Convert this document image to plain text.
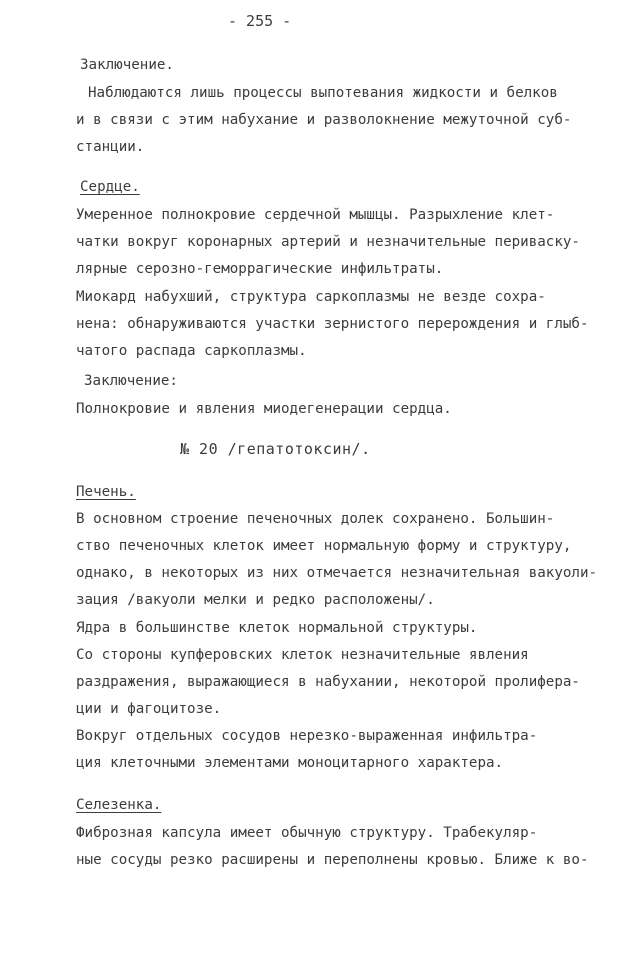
- 255 -
Заключение.
Наблюдаются лишь процессы выпотевания жидкости и белков
и в связи с этим набухание и разволокнение межуточной суб-
станции.
Сердце.
Умеренное полнокровие сердечной мышцы. Разрыхление клет-
чатки вокруг коронарных артерий и незначительные периваску-
лярные серозно-геморрагические инфильтраты.
Миокард набухший, структура саркоплазмы не везде сохра-
нена: обнаруживаются участки зернистого перерождения и глыб-
чатого распада саркоплазмы.
Заключение:
Полнокровие и явления миодегенерации сердца.
№ 20 /гепатотоксин/.
Печень.
В основном строение печеночных долек сохранено. Большин-
ство печеночных клеток имеет нормальную форму и структуру,
однако, в некоторых из них отмечается незначительная вакуоли-
зация /вакуоли мелки и редко расположены/.
Ядра в большинстве клеток нормальной структуры.
Со стороны купферовских клеток незначительные явления
раздражения, выражающиеся в набухании, некоторой пролифера-
ции и фагоцитозе.
Вокруг отдельных сосудов нерезко-выраженная инфильтра-
ция клеточными элементами моноцитарного характера.
Селезенка.
Фиброзная капсула имеет обычную структуру. Трабекуляр-
ные сосуды резко расширены и переполнены кровью. Ближе к во-
